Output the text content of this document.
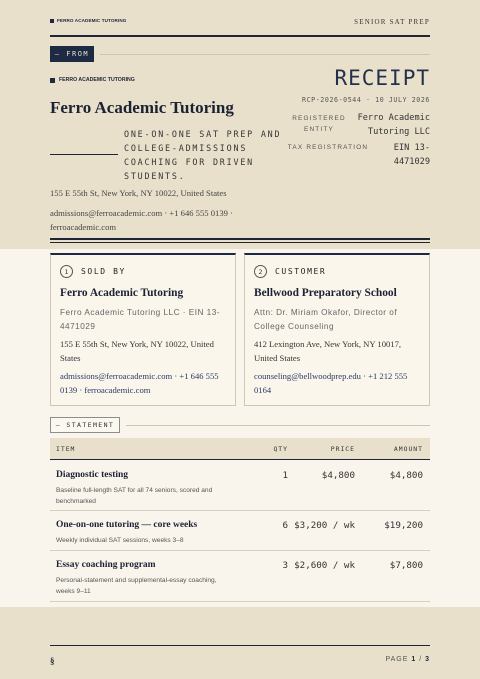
FERRO ACADEMIC TUTORING	SENIOR SAT PREP
— FROM
FERRO ACADEMIC TUTORING
Ferro Academic Tutoring
ONE-ON-ONE SAT PREP AND COLLEGE-ADMISSIONS COACHING FOR DRIVEN STUDENTS.
155 E 55th St, New York, NY 10022, United States
admissions@ferroacademic.com · +1 646 555 0139 · ferroacademic.com
RECEIPT
RCP-2026-0544 · 10 JULY 2026
REGISTERED ENTITY
Ferro Academic Tutoring LLC
TAX REGISTRATION	EIN 13-4471029
1	SOLD BY
Ferro Academic Tutoring
Ferro Academic Tutoring LLC · EIN 13-4471029
155 E 55th St, New York, NY 10022, United States
admissions@ferroacademic.com · +1 646 555 0139 · ferroacademic.com
2	CUSTOMER
Bellwood Preparatory School
Attn: Dr. Miriam Okafor, Director of College Counseling
412 Lexington Ave, New York, NY 10017, United States
counseling@bellwoodprep.edu · +1 212 555 0164
— STATEMENT
ITEM	QTY	PRICE	AMOUNT
Diagnostic testing
Baseline full-length SAT for all 74 seniors, scored and benchmarked
1	$4,800	$4,800
One-on-one tutoring — core weeks
Weekly individual SAT sessions, weeks 3–8
6 $3,200 / wk	$19,200
Essay coaching program
Personal-statement and supplemental-essay coaching, weeks 9–11
3 $2,600 / wk	$7,800
§	PAGE 1 / 3
